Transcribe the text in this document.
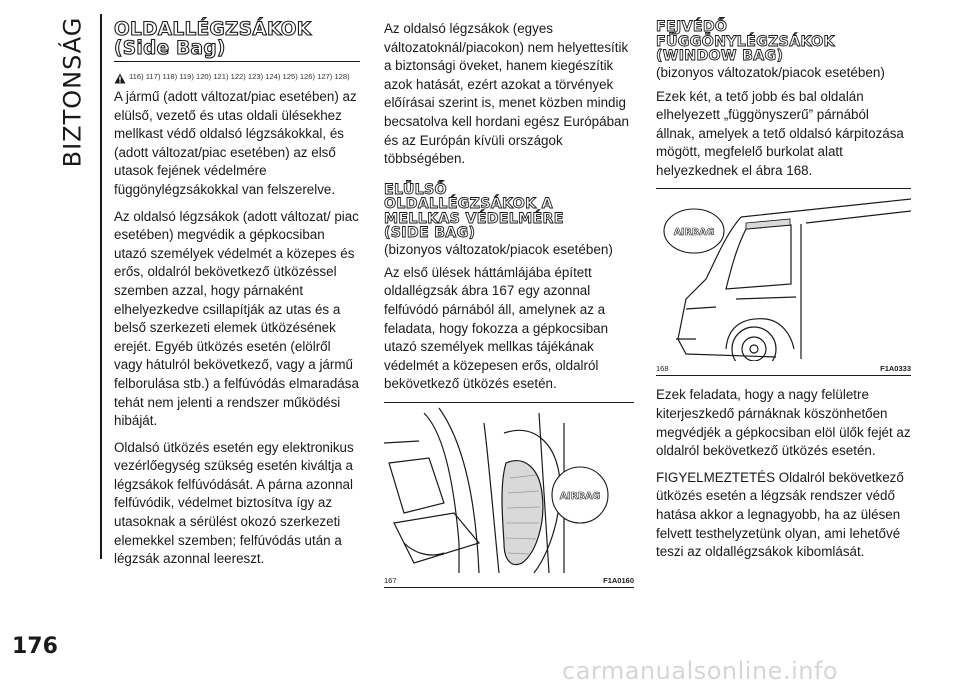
BIZTONSÁG
176
carmanualsonline.info
OLDALLÉGZSÁKOK
(Side Bag)
116) 117) 118) 119) 120) 121) 122) 123) 124) 125) 126) 127) 128)

A jármű (adott változat/piac esetében) az elülső, vezető és utas oldali ülésekhez mellkast védő oldalsó légzsákokkal, és (adott változat/piac esetében) az első utasok fejének védelmére függönylégzsákokkal van felszerelve.

Az oldalsó légzsákok (adott változat/ piac esetében) megvédik a gépkocsiban utazó személyek védelmét a közepes és erős, oldalról bekövetkező ütközéssel szemben azzal, hogy párnaként elhelyezkedve csillapítják az utas és a belső szerkezeti elemek ütközésének erejét. Egyéb ütközés esetén (elölről vagy hátulról bekövetkező, vagy a jármű felborulása stb.) a felfúvódás elmaradása tehát nem jelenti a rendszer működési hibáját.

Oldalsó ütközés esetén egy elektronikus vezérlőegység szükség esetén kiváltja a légzsákok felfúvódását. A párna azonnal felfúvódik, védelmet biztosítva így az utasoknak a sérülést okozó szerkezeti elemekkel szemben; felfúvódás után a légzsák azonnal leereszt.

Az oldalsó légzsákok (egyes változatoknál/piacokon) nem helyettesítik a biztonsági öveket, hanem kiegészítik azok hatását, ezért azokat a törvények előírásai szerint is, menet közben mindig becsatolva kell hordani egész Európában és az Európán kívüli országok többségében.

ELÜLSŐ
OLDALLÉGZSÁKOK A
MELLKAS VÉDELMÉRE
(SIDE BAG)
(bizonyos változatok/piacok esetében)

Az első ülések háttámlájába épített oldallégzsák ábra 167 egy azonnal felfúvódó párnából áll, amelynek az a feladata, hogy fokozza a gépkocsiban utazó személyek mellkas tájékának védelmét a közepesen erős, oldalról bekövetkező ütközés esetén.

AIRBAG
167	F1A0160
FEJVÉDŐ
FÜGGÖNYLÉGZSÁKOK
(WINDOW BAG)
(bizonyos változatok/piacok esetében)

Ezek két, a tető jobb és bal oldalán elhelyezett „függönyszerű” párnából állnak, amelyek a tető oldalsó kárpitozása mögött, megfelelő burkolat alatt helyezkednek el ábra 168.

AIRBAG
168	F1A0333

Ezek feladata, hogy a nagy felületre kiterjeszkedő párnáknak köszönhetően megvédjék a gépkocsiban elöl ülők fejét az oldalról bekövetkező ütközés esetén.

FIGYELMEZTETÉS Oldalról bekövetkező ütközés esetén a légzsák rendszer védő hatása akkor a legnagyobb, ha az ülésen felvett testhelyzetünk olyan, ami lehetővé teszi az oldallégzsákok kibomlását.
